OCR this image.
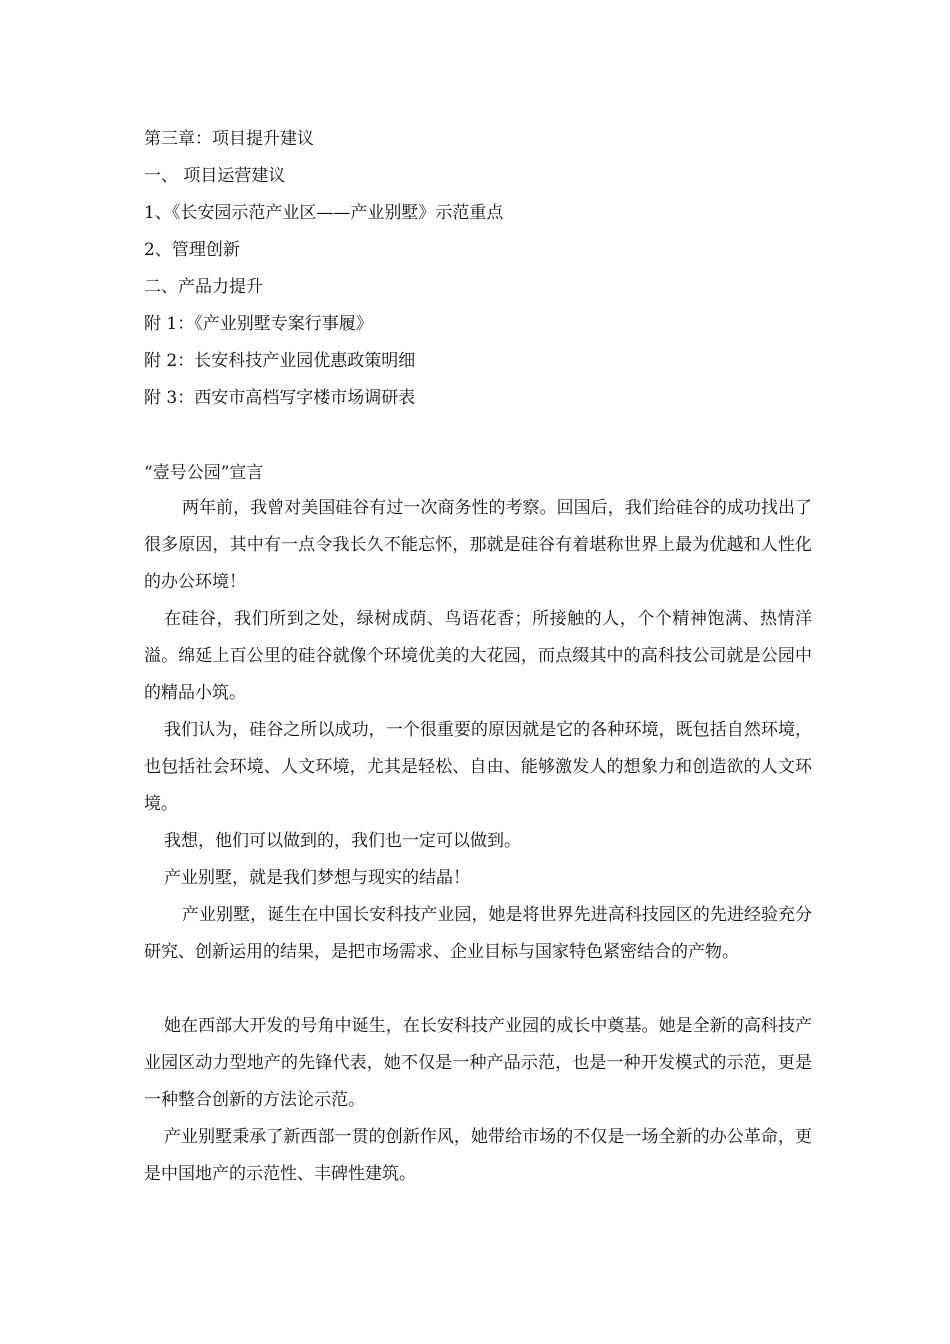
第三章：项目提升建议
一、 项目运营建议
1、《长安园示范产业区——产业别墅》示范重点
2、管理创新
二、产品力提升
附 1：《产业别墅专案行事履》
附 2：长安科技产业园优惠政策明细
附 3：西安市高档写字楼市场调研表
“壹号公园”宣言
两年前，我曾对美国硅谷有过一次商务性的考察。回国后，我们给硅谷的成功找出了很多原因，其中有一点令我长久不能忘怀，那就是硅谷有着堪称世界上最为优越和人性化的办公环境！
在硅谷，我们所到之处，绿树成荫、鸟语花香；所接触的人，个个精神饱满、热情洋溢。绵延上百公里的硅谷就像个环境优美的大花园，而点缀其中的高科技公司就是公园中的精品小筑。
我们认为，硅谷之所以成功，一个很重要的原因就是它的各种环境，既包括自然环境，也包括社会环境、人文环境，尤其是轻松、自由、能够激发人的想象力和创造欲的人文环境。
我想，他们可以做到的，我们也一定可以做到。
产业别墅，就是我们梦想与现实的结晶！
产业别墅，诞生在中国长安科技产业园，她是将世界先进高科技园区的先进经验充分研究、创新运用的结果，是把市场需求、企业目标与国家特色紧密结合的产物。
她在西部大开发的号角中诞生，在长安科技产业园的成长中奠基。她是全新的高科技产业园区动力型地产的先锋代表，她不仅是一种产品示范，也是一种开发模式的示范，更是一种整合创新的方法论示范。
产业别墅秉承了新西部一贯的创新作风，她带给市场的不仅是一场全新的办公革命，更是中国地产的示范性、丰碑性建筑。
